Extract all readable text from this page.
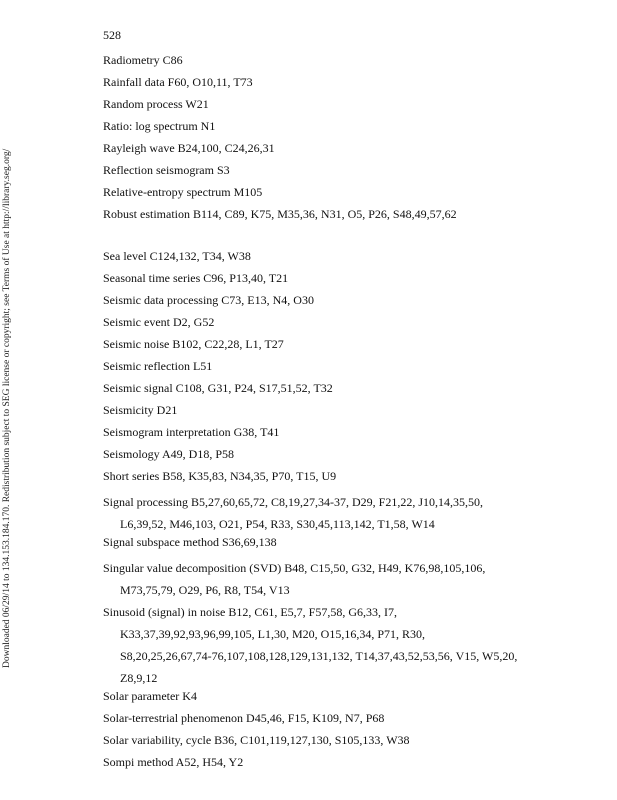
528
Downloaded 06/29/14 to 134.153.184.170. Redistribution subject to SEG license or copyright; see Terms of Use at http://library.seg.org/
Radiometry C86
Rainfall data F60, O10,11, T73
Random process W21
Ratio: log spectrum N1
Rayleigh wave B24,100, C24,26,31
Reflection seismogram S3
Relative-entropy spectrum M105
Robust estimation B114, C89, K75, M35,36, N31, O5, P26, S48,49,57,62
Sea level C124,132, T34, W38
Seasonal time series C96, P13,40, T21
Seismic data processing C73, E13, N4, O30
Seismic event D2, G52
Seismic noise B102, C22,28, L1, T27
Seismic reflection L51
Seismic signal C108, G31, P24, S17,51,52, T32
Seismicity D21
Seismogram interpretation G38, T41
Seismology A49, D18, P58
Short series B58, K35,83, N34,35, P70, T15, U9
Signal processing B5,27,60,65,72, C8,19,27,34-37, D29, F21,22, J10,14,35,50,
L6,39,52, M46,103, O21, P54, R33, S30,45,113,142, T1,58, W14
Signal subspace method S36,69,138
Singular value decomposition (SVD) B48, C15,50, G32, H49, K76,98,105,106,
M73,75,79, O29, P6, R8, T54, V13
Sinusoid (signal) in noise B12, C61, E5,7, F57,58, G6,33, I7,
K33,37,39,92,93,96,99,105, L1,30, M20, O15,16,34, P71, R30,
S8,20,25,26,67,74-76,107,108,128,129,131,132, T14,37,43,52,53,56, V15, W5,20,
Z8,9,12
Solar parameter K4
Solar-terrestrial phenomenon D45,46, F15, K109, N7, P68
Solar variability, cycle B36, C101,119,127,130, S105,133, W38
Sompi method A52, H54, Y2
